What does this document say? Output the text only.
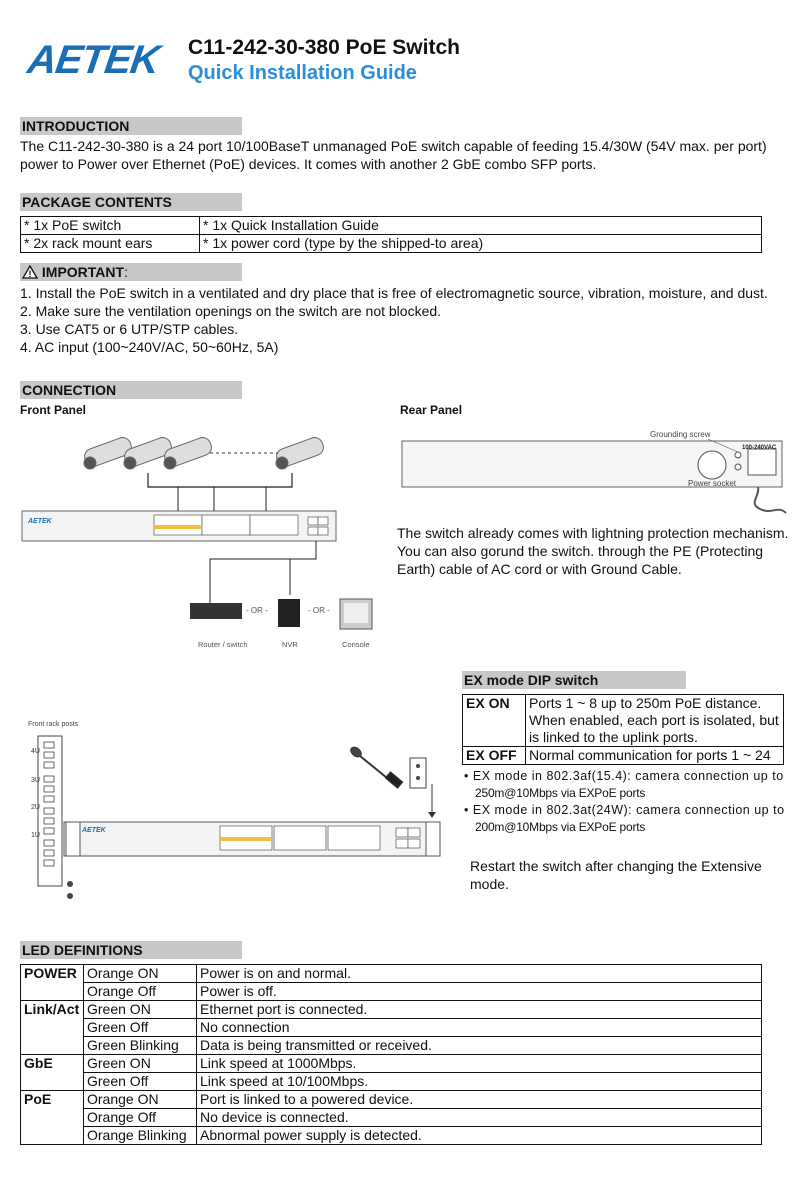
AETEK C11-242-30-380 PoE Switch
Quick Installation Guide
INTRODUCTION
The C11-242-30-380 is a 24 port 10/100BaseT unmanaged PoE switch capable of feeding 15.4/30W (54V max. per port) power to Power over Ethernet (PoE) devices. It comes with another 2 GbE combo SFP ports.
PACKAGE CONTENTS
* 1x PoE switch	* 1x Quick Installation Guide
* 2x rack mount ears	* 1x power cord (type by the shipped-to area)
! IMPORTANT:
1. Install the PoE switch in a ventilated and dry place that is free of electromagnetic source, vibration, moisture, and dust.
2. Make sure the ventilation openings on the switch are not blocked.
3. Use CAT5 or 6 UTP/STP cables.
4. AC input (100~240V/AC, 50~60Hz, 5A)
CONNECTION
Front Panel	Rear Panel
AETEK
- OR -	- OR -
Router / switch	NVR	Console
100-240VAC
Grounding screw
Power socket
The switch already comes with lightning protection mechanism. You can also gorund the switch. through the PE (Protecting Earth) cable of AC cord or with Ground Cable.
Front rack posts
4U
3U
2U
1U
AETEK
EX mode DIP switch
EX ON	Ports 1 ~ 8 up to 250m PoE distance. When enabled, each port is isolated, but is linked to the uplink ports.
EX OFF	Normal communication for ports 1 ~ 24
• EX mode in 802.3af(15.4): camera connection up to
250m@10Mbps via EXPoE ports
• EX mode in 802.3at(24W): camera connection up to
200m@10Mbps via EXPoE ports
Restart the switch after changing the Extensive mode.
LED DEFINITIONS
POWER	Orange ON	Power is on and normal.
	Orange Off	Power is off.
Link/Act	Green ON	Ethernet port is connected.
	Green Off	No connection
	Green Blinking	Data is being transmitted or received.
GbE	Green ON	Link speed at 1000Mbps.
	Green Off	Link speed at 10/100Mbps.
PoE	Orange ON	Port is linked to a powered device.
	Orange Off	No device is connected.
	Orange Blinking	Abnormal power supply is detected.
